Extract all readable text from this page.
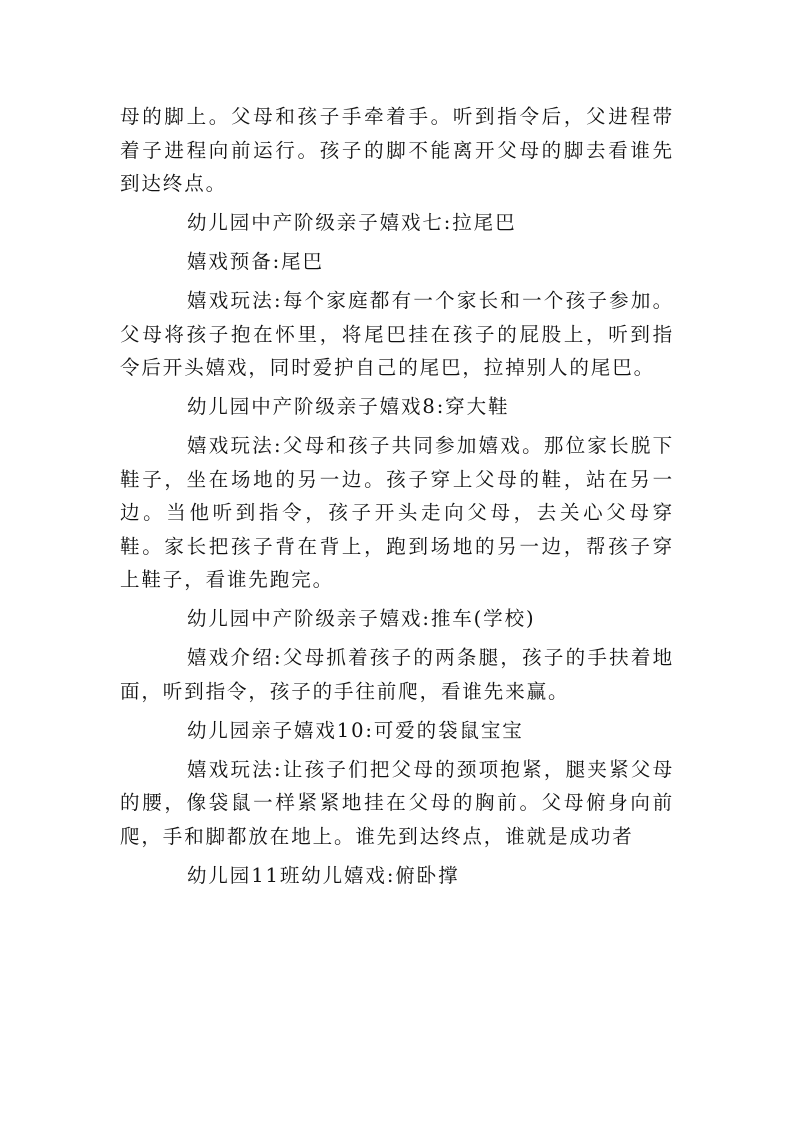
母的脚上。父母和孩子手牵着手。听到指令后，父进程带着子进程向前运行。孩子的脚不能离开父母的脚去看谁先到达终点。

幼儿园中产阶级亲子嬉戏七:拉尾巴

嬉戏预备:尾巴

嬉戏玩法:每个家庭都有一个家长和一个孩子参加。父母将孩子抱在怀里，将尾巴挂在孩子的屁股上，听到指令后开头嬉戏，同时爱护自己的尾巴，拉掉别人的尾巴。

幼儿园中产阶级亲子嬉戏8:穿大鞋

嬉戏玩法:父母和孩子共同参加嬉戏。那位家长脱下鞋子，坐在场地的另一边。孩子穿上父母的鞋，站在另一边。当他听到指令，孩子开头走向父母，去关心父母穿鞋。家长把孩子背在背上，跑到场地的另一边，帮孩子穿上鞋子，看谁先跑完。

幼儿园中产阶级亲子嬉戏:推车(学校)

嬉戏介绍:父母抓着孩子的两条腿，孩子的手扶着地面，听到指令，孩子的手往前爬，看谁先来赢。

幼儿园亲子嬉戏10:可爱的袋鼠宝宝

嬉戏玩法:让孩子们把父母的颈项抱紧，腿夹紧父母的腰，像袋鼠一样紧紧地挂在父母的胸前。父母俯身向前爬，手和脚都放在地上。谁先到达终点，谁就是成功者

幼儿园11班幼儿嬉戏:俯卧撑
